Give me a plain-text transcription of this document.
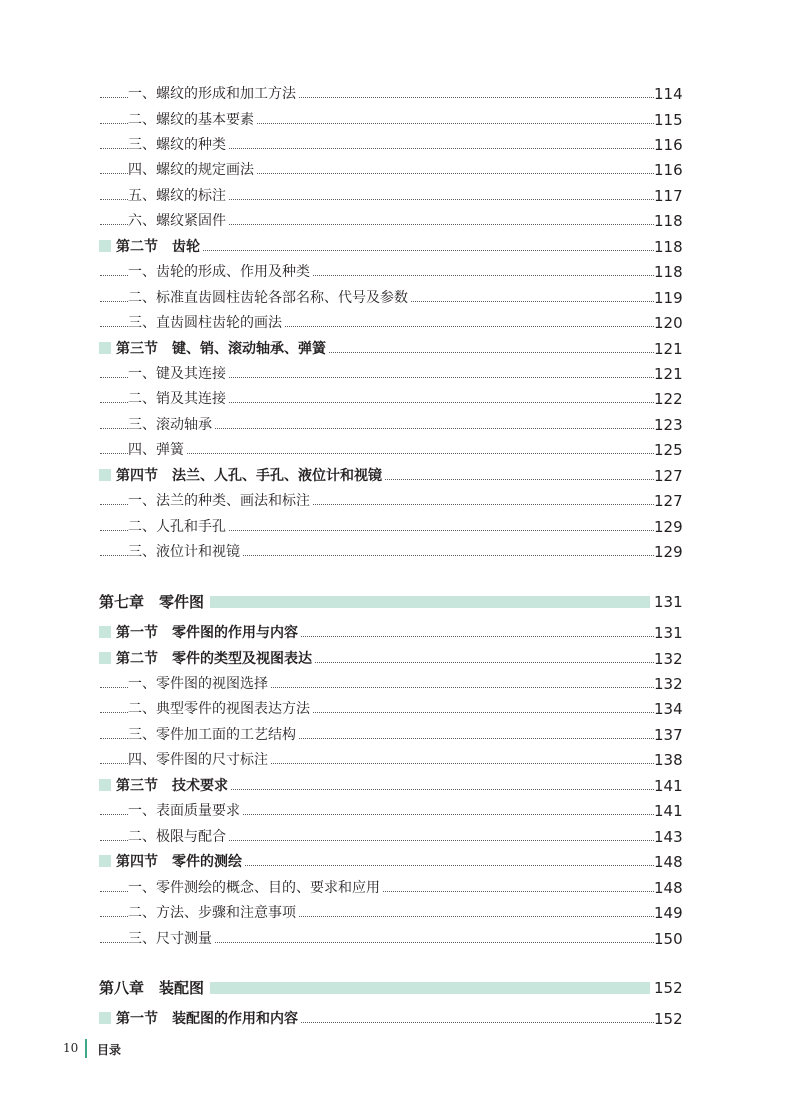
一、螺纹的形成和加工方法	114
二、螺纹的基本要素	115
三、螺纹的种类	116
四、螺纹的规定画法	116
五、螺纹的标注	117
六、螺纹紧固件	118
第二节　齿轮	118
一、齿轮的形成、作用及种类	118
二、标准直齿圆柱齿轮各部名称、代号及参数	119
三、直齿圆柱齿轮的画法	120
第三节　键、销、滚动轴承、弹簧	121
一、键及其连接	121
二、销及其连接	122
三、滚动轴承	123
四、弹簧	125
第四节　法兰、人孔、手孔、液位计和视镜	127
一、法兰的种类、画法和标注	127
二、人孔和手孔	129
三、液位计和视镜	129
第七章　零件图	131
第一节　零件图的作用与内容	131
第二节　零件的类型及视图表达	132
一、零件图的视图选择	132
二、典型零件的视图表达方法	134
三、零件加工面的工艺结构	137
四、零件图的尺寸标注	138
第三节　技术要求	141
一、表面质量要求	141
二、极限与配合	143
第四节　零件的测绘	148
一、零件测绘的概念、目的、要求和应用	148
二、方法、步骤和注意事项	149
三、尺寸测量	150
第八章　装配图	152
第一节　装配图的作用和内容	152
10 目录
